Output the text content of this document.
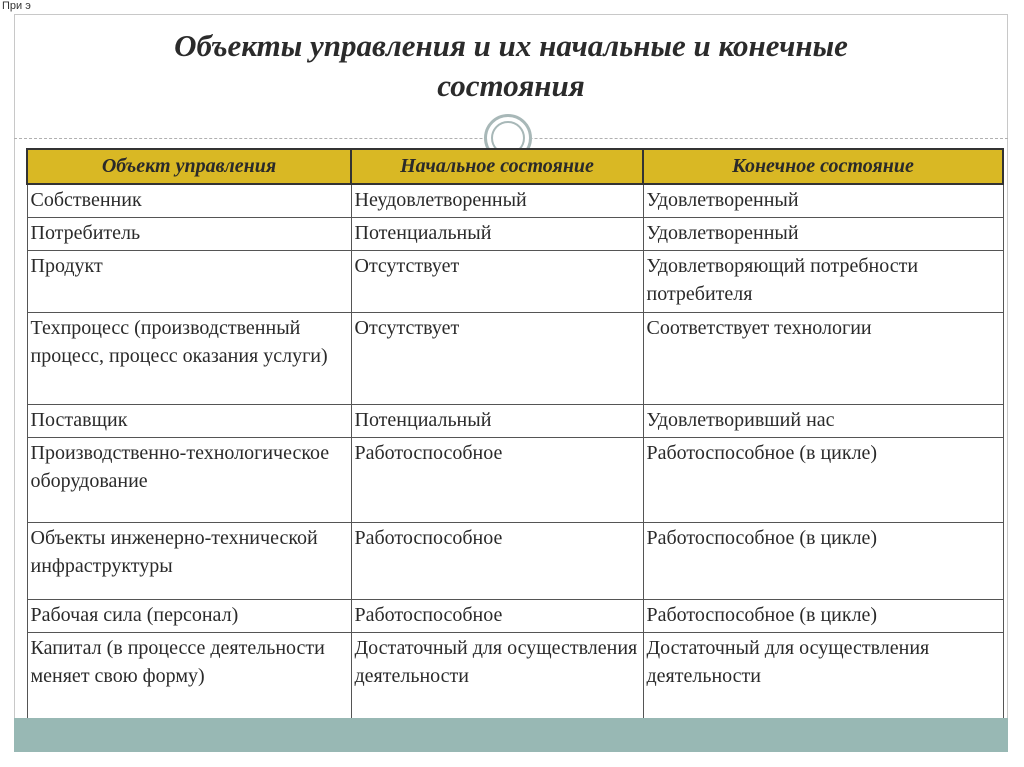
При э
Объекты управления и их начальные и конечные
состояния
Объект управления	Начальное состояние	Конечное состояние
Собственник	Неудовлетворенный	Удовлетворенный
Потребитель	Потенциальный	Удовлетворенный
Продукт	Отсутствует	Удовлетворяющий потребности потребителя
Техпроцесс (производственный процесс, процесс оказания услуги)	Отсутствует	Соответствует технологии
Поставщик	Потенциальный	Удовлетворивший нас
Производственно-технологическое оборудование	Работоспособное	Работоспособное (в цикле)
Объекты инженерно-технической инфраструктуры	Работоспособное	Работоспособное (в цикле)
Рабочая сила (персонал)	Работоспособное	Работоспособное (в цикле)
Капитал (в процессе деятельности меняет свою форму)	Достаточный для осуществления деятельности	Достаточный для осуществления деятельности
